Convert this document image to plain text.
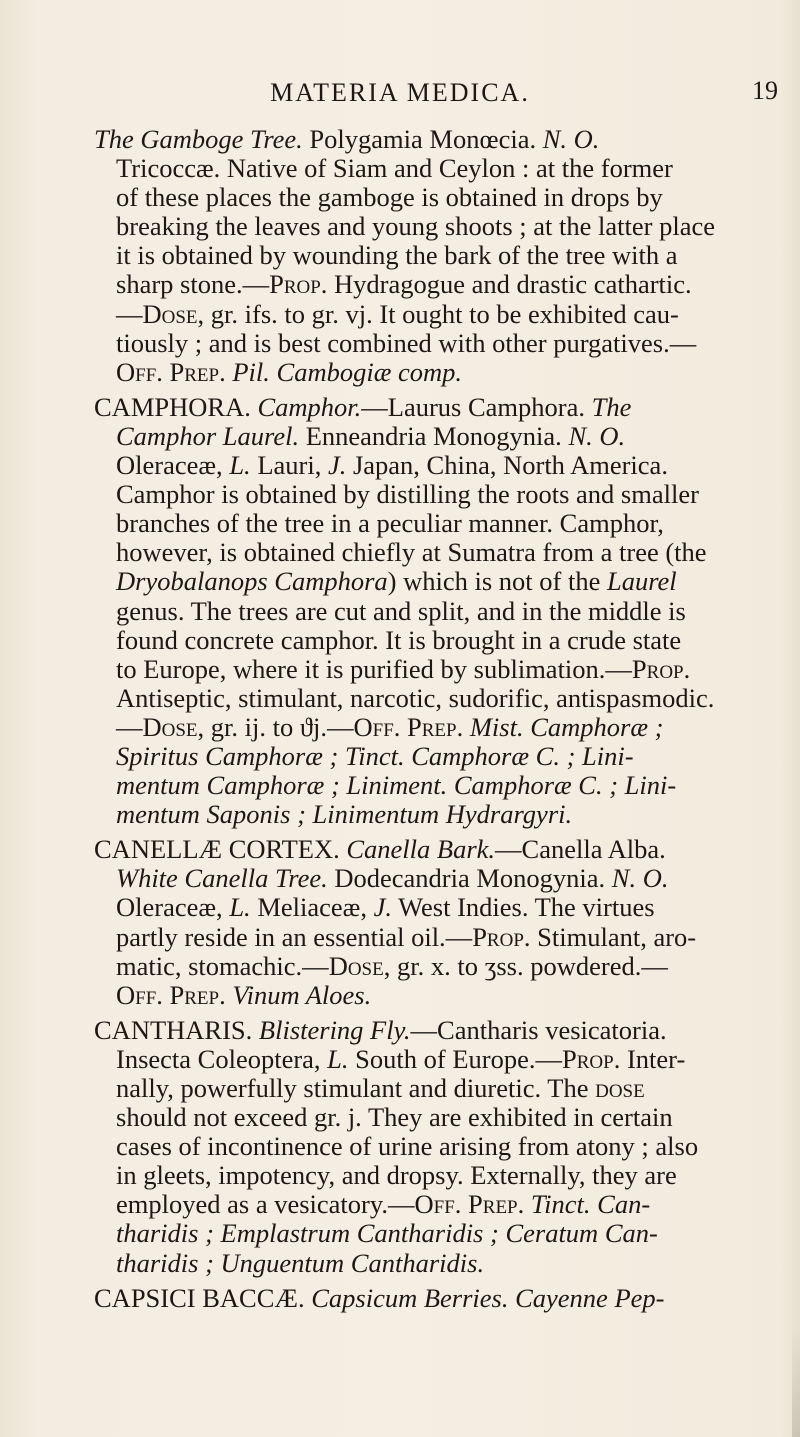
MATERIA MEDICA.	19
The Gamboge Tree. Polygamia Monœcia. N. O.
Tricoccæ. Native of Siam and Ceylon : at the former
of these places the gamboge is obtained in drops by
breaking the leaves and young shoots ; at the latter place
it is obtained by wounding the bark of the tree with a
sharp stone.—Prop. Hydragogue and drastic cathartic.
—Dose, gr. ifs. to gr. vj. It ought to be exhibited cau-
tiously ; and is best combined with other purgatives.—
Off. Prep. Pil. Cambogiæ comp.
CAMPHORA. Camphor.—Laurus Camphora. The
Camphor Laurel. Enneandria Monogynia. N. O.
Oleraceæ, L. Lauri, J. Japan, China, North America.
Camphor is obtained by distilling the roots and smaller
branches of the tree in a peculiar manner. Camphor,
however, is obtained chiefly at Sumatra from a tree (the
Dryobalanops Camphora) which is not of the Laurel
genus. The trees are cut and split, and in the middle is
found concrete camphor. It is brought in a crude state
to Europe, where it is purified by sublimation.—Prop.
Antiseptic, stimulant, narcotic, sudorific, antispasmodic.
—Dose, gr. ij. to ϑj.—Off. Prep. Mist. Camphoræ ;
Spiritus Camphoræ ; Tinct. Camphoræ C. ; Lini-
mentum Camphoræ ; Liniment. Camphoræ C. ; Lini-
mentum Saponis ; Linimentum Hydrargyri.
CANELLÆ CORTEX. Canella Bark.—Canella Alba.
White Canella Tree. Dodecandria Monogynia. N. O.
Oleraceæ, L. Meliaceæ, J. West Indies. The virtues
partly reside in an essential oil.—Prop. Stimulant, aro-
matic, stomachic.—Dose, gr. x. to ʒss. powdered.—
Off. Prep. Vinum Aloes.
CANTHARIS. Blistering Fly.—Cantharis vesicatoria.
Insecta Coleoptera, L. South of Europe.—Prop. Inter-
nally, powerfully stimulant and diuretic. The dose
should not exceed gr. j. They are exhibited in certain
cases of incontinence of urine arising from atony ; also
in gleets, impotency, and dropsy. Externally, they are
employed as a vesicatory.—Off. Prep. Tinct. Can-
tharidis ; Emplastrum Cantharidis ; Ceratum Can-
tharidis ; Unguentum Cantharidis.
CAPSICI BACCÆ. Capsicum Berries. Cayenne Pep-
